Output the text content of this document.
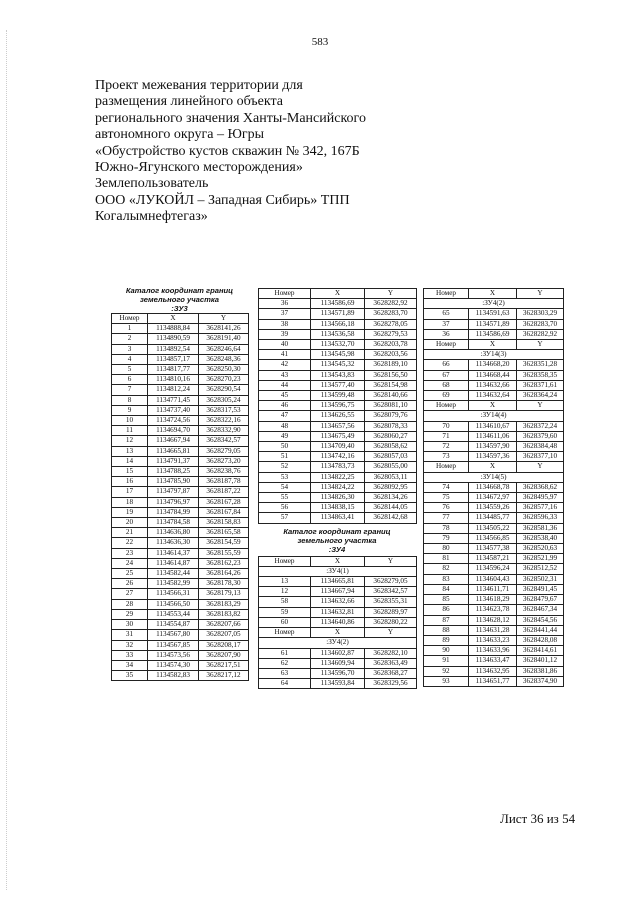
583
Проект межевания территории для
размещения линейного объекта
регионального значения Ханты-Мансийского
автономного округа – Югры
«Обустройство кустов скважин № 342, 167Б
Южно-Ягунского месторождения»
Землепользователь
ООО «ЛУКОЙЛ – Западная Сибирь» ТПП
Когалымнефтегаз»
Каталог координат границ
земельного участка
:ЗУ3
Номер	X	Y
1	1134888,84	3628141,26
2	1134890,59	3628191,40
3	1134892,54	3628246,64
4	1134857,17	3628248,36
5	1134817,77	3628250,30
6	1134810,16	3628270,23
7	1134812,24	3628290,54
8	1134771,45	3628305,24
9	1134737,40	3628317,53
10	1134724,56	3628322,16
11	1134694,70	3628332,90
12	1134667,94	3628342,57
13	1134665,81	3628279,05
14	1134791,37	3628273,20
15	1134788,25	3628238,76
16	1134785,90	3628187,78
17	1134797,87	3628187,22
18	1134796,97	3628167,28
19	1134784,99	3628167,84
20	1134784,58	3628158,83
21	1134636,80	3628165,58
22	1134636,30	3628154,59
23	1134614,37	3628155,59
24	1134614,87	3628162,23
25	1134582,44	3628164,26
26	1134582,99	3628178,30
27	1134566,31	3628179,13
28	1134566,50	3628183,29
29	1134553,44	3628183,82
30	1134554,87	3628207,66
31	1134567,80	3628207,05
32	1134567,85	3628208,17
33	1134573,56	3628207,90
34	1134574,30	3628217,51
35	1134582,83	3628217,12
Номер	X	Y
36	1134586,69	3628282,92
37	1134571,89	3628283,70
38	1134566,18	3628278,05
39	1134536,58	3628279,53
40	1134532,70	3628203,78
41	1134545,98	3628203,56
42	1134545,32	3628189,10
43	1134543,83	3628156,50
44	1134577,40	3628154,98
45	1134599,48	3628140,66
46	1134596,75	3628081,10
47	1134626,55	3628079,76
48	1134657,56	3628078,33
49	1134675,49	3628060,27
50	1134709,40	3628058,62
51	1134742,16	3628057,03
52	1134783,73	3628055,00
53	1134822,25	3628053,11
54	1134824,22	3628092,95
55	1134826,30	3628134,26
56	1134838,15	3628144,05
57	1134863,41	3628142,68
Каталог координат границ
земельного участка
:ЗУ4
Номер	X	Y
:ЗУ4(1)		
13	1134665,81	3628279,05
12	1134667,94	3628342,57
58	1134632,66	3628355,31
59	1134632,81	3628289,97
60	1134640,86	3628280,22
Номер	X	Y
:ЗУ4(2)		
61	1134602,87	3628282,10
62	1134609,94	3628363,49
63	1134596,70	3628368,27
64	1134593,84	3628329,56
Номер	X	Y
:ЗУ4(2)		
65	1134591,63	3628303,29
37	1134571,89	3628283,70
36	1134586,69	3628282,92
Номер	X	Y
:ЗУ14(3)		
66	1134668,20	3628351,28
67	1134668,44	3628358,35
68	1134632,66	3628371,61
69	1134632,64	3628364,24
Номер	X	Y
:ЗУ14(4)		
70	1134610,67	3628372,24
71	1134611,06	3628379,60
72	1134597,90	3628384,48
73	1134597,36	3628377,10
Номер	X	Y
:ЗУ14(5)		
74	1134668,78	3628368,62
75	1134672,97	3628495,97
76	1134559,26	3628577,16
77	1134485,77	3628596,33
78	1134505,22	3628581,36
79	1134566,85	3628538,40
80	1134577,38	3628520,63
81	1134587,21	3628521,99
82	1134596,24	3628512,52
83	1134604,43	3628502,31
84	1134611,71	3628491,45
85	1134618,29	3628479,67
86	1134623,78	3628467,34
87	1134628,12	3628454,56
88	1134631,28	3628441,44
89	1134633,23	3628428,08
90	1134633,96	3628414,61
91	1134633,47	3628401,12
92	1134632,95	3628381,86
93	1134651,77	3628374,90
Лист 36 из 54
